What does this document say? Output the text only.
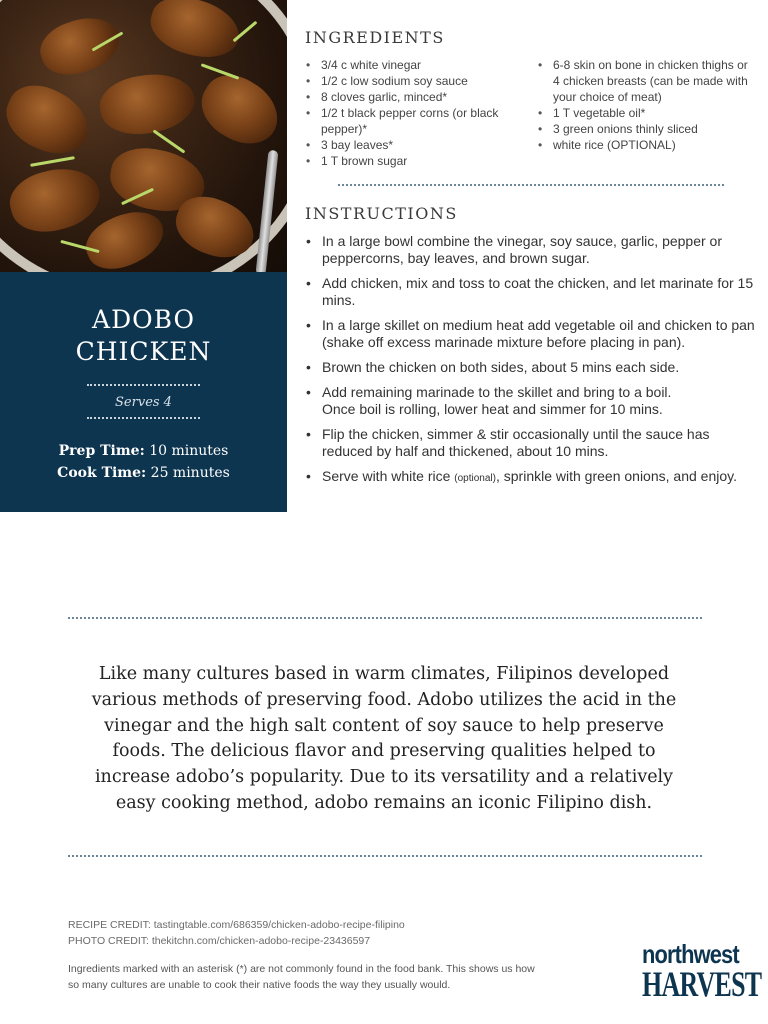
ADOBO
CHICKEN
Serves 4
Prep Time: 10 minutes
Cook Time: 25 minutes
INGREDIENTS
• 3/4 c white vinegar
• 1/2 c low sodium soy sauce
• 8 cloves garlic, minced*
• 1/2 t black pepper corns (or black pepper)*
• 3 bay leaves*
• 1 T brown sugar
• 6-8 skin on bone in chicken thighs or 4 chicken breasts (can be made with your choice of meat)
• 1 T vegetable oil*
• 3 green onions thinly sliced
• white rice (OPTIONAL)
INSTRUCTIONS
• In a large bowl combine the vinegar, soy sauce, garlic, pepper or peppercorns, bay leaves, and brown sugar.
• Add chicken, mix and toss to coat the chicken, and let marinate for 15 mins.
• In a large skillet on medium heat add vegetable oil and chicken to pan (shake off excess marinade mixture before placing in pan).
• Brown the chicken on both sides, about 5 mins each side.
• Add remaining marinade to the skillet and bring to a boil.
Once boil is rolling, lower heat and simmer for 10 mins.
• Flip the chicken, simmer & stir occasionally until the sauce has reduced by half and thickened, about 10 mins.
• Serve with white rice (optional), sprinkle with green onions, and enjoy.

Like many cultures based in warm climates, Filipinos developed various methods of preserving food. Adobo utilizes the acid in the vinegar and the high salt content of soy sauce to help preserve foods. The delicious flavor and preserving qualities helped to increase adobo’s popularity. Due to its versatility and a relatively easy cooking method, adobo remains an iconic Filipino dish.

RECIPE CREDIT: tastingtable.com/686359/chicken-adobo-recipe-filipino
PHOTO CREDIT: thekitchn.com/chicken-adobo-recipe-23436597
Ingredients marked with an asterisk (*) are not commonly found in the food bank. This shows us how so many cultures are unable to cook their native foods the way they usually would.
northwest
HARVEST
